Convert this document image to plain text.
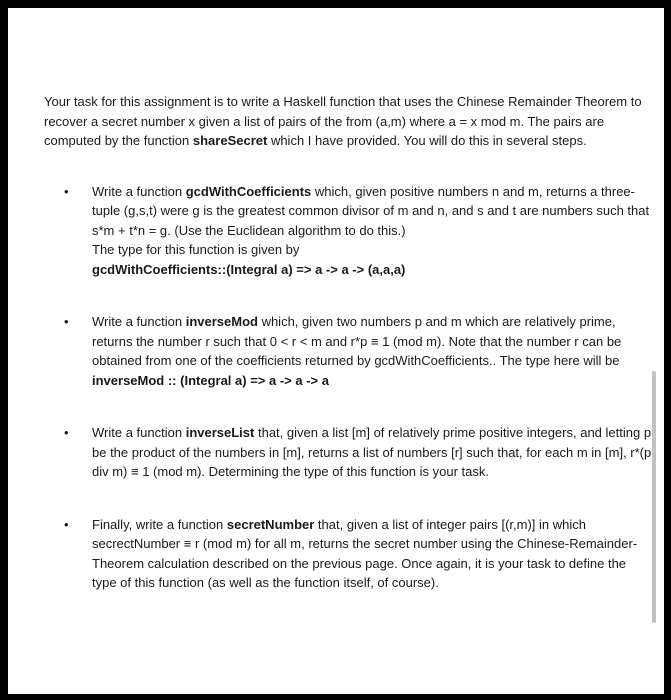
Your task for this assignment is to write a Haskell function that uses the Chinese Remainder Theorem to recover a secret number x given a list of pairs of the from (a,m) where a = x mod m. The pairs are computed by the function shareSecret which I have provided. You will do this in several steps.

• Write a function gcdWithCoefficients which, given positive numbers n and m, returns a three-tuple (g,s,t) were g is the greatest common divisor of m and n, and s and t are numbers such that s*m + t*n = g. (Use the Euclidean algorithm to do this.)
The type for this function is given by
gcdWithCoefficients::(Integral a) => a -> a -> (a,a,a)
• Write a function inverseMod which, given two numbers p and m which are relatively prime, returns the number r such that 0 < r < m and r*p ≡ 1 (mod m). Note that the number r can be obtained from one of the coefficients returned by gcdWithCoefficients.. The type here will be inverseMod :: (Integral a) => a -> a -> a
• Write a function inverseList that, given a list [m] of relatively prime positive integers, and letting p be the product of the numbers in [m], returns a list of numbers [r] such that, for each m in [m], r*(p div m) ≡ 1 (mod m). Determining the type of this function is your task.
• Finally, write a function secretNumber that, given a list of integer pairs [(r,m)] in which secrectNumber ≡ r (mod m) for all m, returns the secret number using the Chinese-Remainder-Theorem calculation described on the previous page. Once again, it is your task to define the type of this function (as well as the function itself, of course).
